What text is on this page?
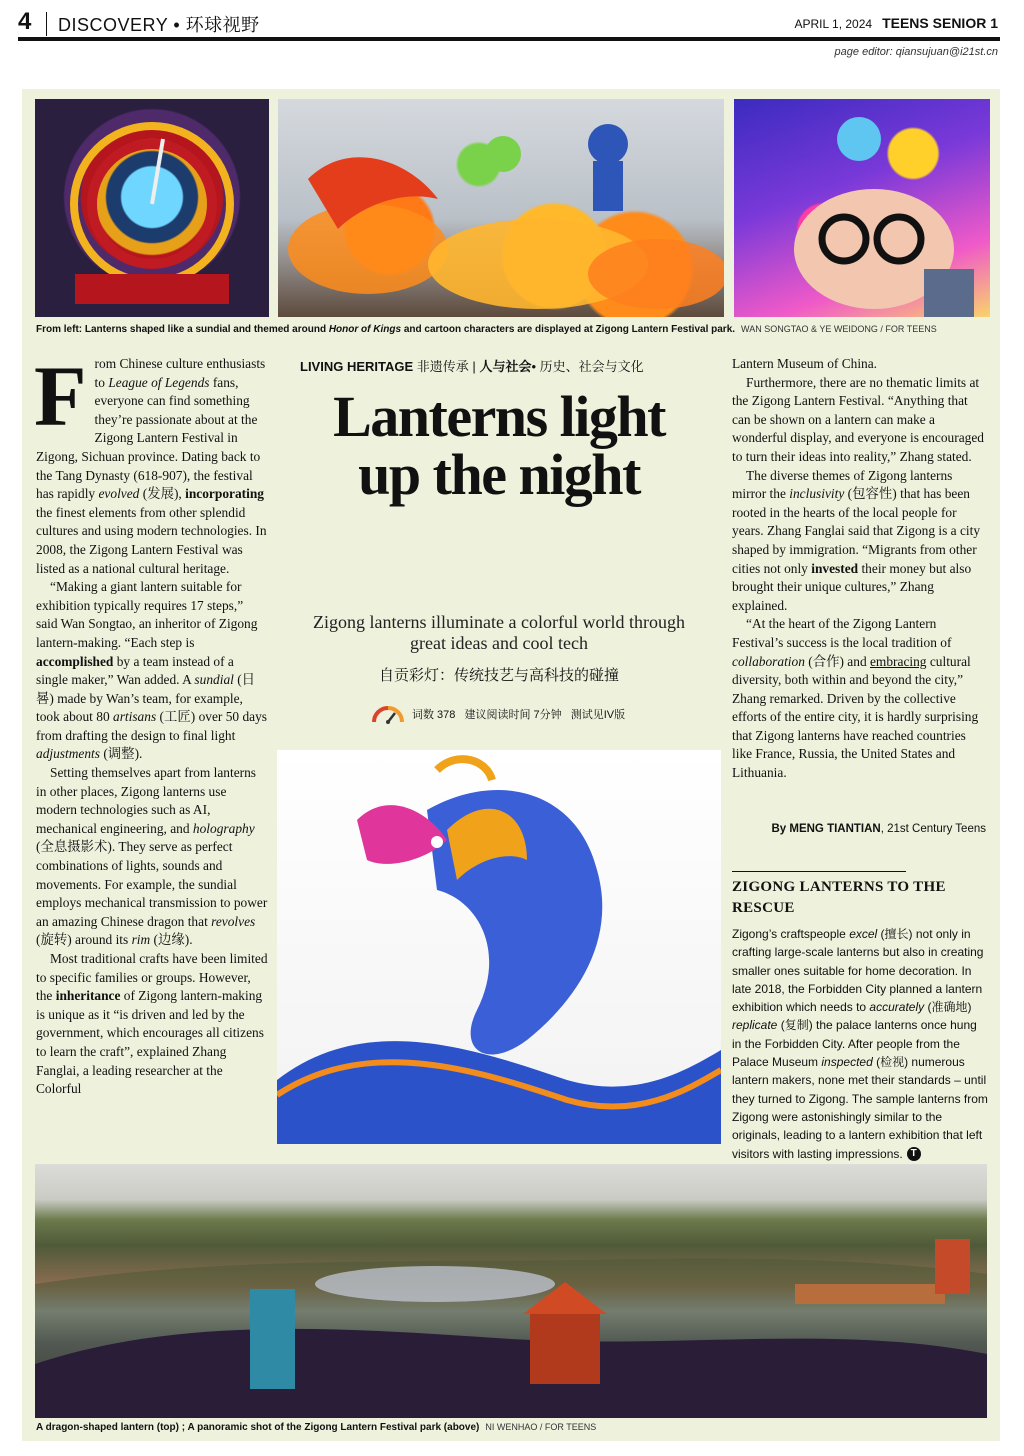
4 DISCOVERY • 环球视野	APRIL 1, 2024 TEENS SENIOR 1
page editor: qiansujuan@i21st.cn
From left: Lanterns shaped like a sundial and themed around Honor of Kings and cartoon characters are displayed at Zigong Lantern Festival park. WAN SONGTAO & YE WEIDONG / FOR TEENS
F rom Chinese culture enthusiasts to League of Legends fans, everyone can find something they’re passionate about at the Zigong Lantern Festival in Zigong, Sichuan province. Dating back to the Tang Dynasty (618-907), the festival has rapidly evolved (发展), incorporating the finest elements from other splendid cultures and using modern technologies. In 2008, the Zigong Lantern Festival was listed as a national cultural heritage.

“Making a giant lantern suitable for exhibition typically requires 17 steps,” said Wan Songtao, an inheritor of Zigong lantern-making. “Each step is accomplished by a team instead of a single maker,” Wan added. A sundial (日晷) made by Wan’s team, for example, took about 80 artisans (工匠) over 50 days from drafting the design to final light adjustments (调整).

Setting themselves apart from lanterns in other places, Zigong lanterns use modern technologies such as AI, mechanical engineering, and holography (全息摄影术). They serve as perfect combinations of lights, sounds and movements. For example, the sundial employs mechanical transmission to power an amazing Chinese dragon that revolves (旋转) around its rim (边缘).

Most traditional crafts have been limited to specific families or groups. However, the inheritance of Zigong lantern-making is unique as it “is driven and led by the government, which encourages all citizens to learn the craft”, explained Zhang Fanglai, a leading researcher at the Colorful

LIVING HERITAGE 非遗传承 | 人与社会• 历史、社会与文化
Lanterns light up the night
Zigong lanterns illuminate a colorful world through great ideas and cool tech
自贡彩灯：传统技艺与高科技的碰撞
词数 378 建议阅读时间 7分钟 测试见IV版

Lantern Museum of China.

Furthermore, there are no thematic limits at the Zigong Lantern Festival. “Anything that can be shown on a lantern can make a wonderful display, and everyone is encouraged to turn their ideas into reality,” Zhang stated.

The diverse themes of Zigong lanterns mirror the inclusivity (包容性) that has been rooted in the hearts of the local people for years. Zhang Fanglai said that Zigong is a city shaped by immigration. “Migrants from other cities not only invested their money but also brought their unique cultures,” Zhang explained.

“At the heart of the Zigong Lantern Festival’s success is the local tradition of collaboration (合作) and embracing cultural diversity, both within and beyond the city,” Zhang remarked. Driven by the collective efforts of the entire city, it is hardly surprising that Zigong lanterns have reached countries like France, Russia, the United States and Lithuania.

By MENG TIANTIAN, 21st Century Teens
ZIGONG LANTERNS TO THE RESCUE
Zigong’s craftspeople excel (擅长) not only in crafting large-scale lanterns but also in creating smaller ones suitable for home decoration. In late 2018, the Forbidden City planned a lantern exhibition which needs to accurately (准确地) replicate (复制) the palace lanterns once hung in the Forbidden City. After people from the Palace Museum inspected (检视) numerous lantern makers, none met their standards – until they turned to Zigong. The sample lanterns from Zigong were astonishingly similar to the originals, leading to a lantern exhibition that left visitors with lasting impressions. T
A dragon-shaped lantern (top) ; A panoramic shot of the Zigong Lantern Festival park (above) NI WENHAO / FOR TEENS
